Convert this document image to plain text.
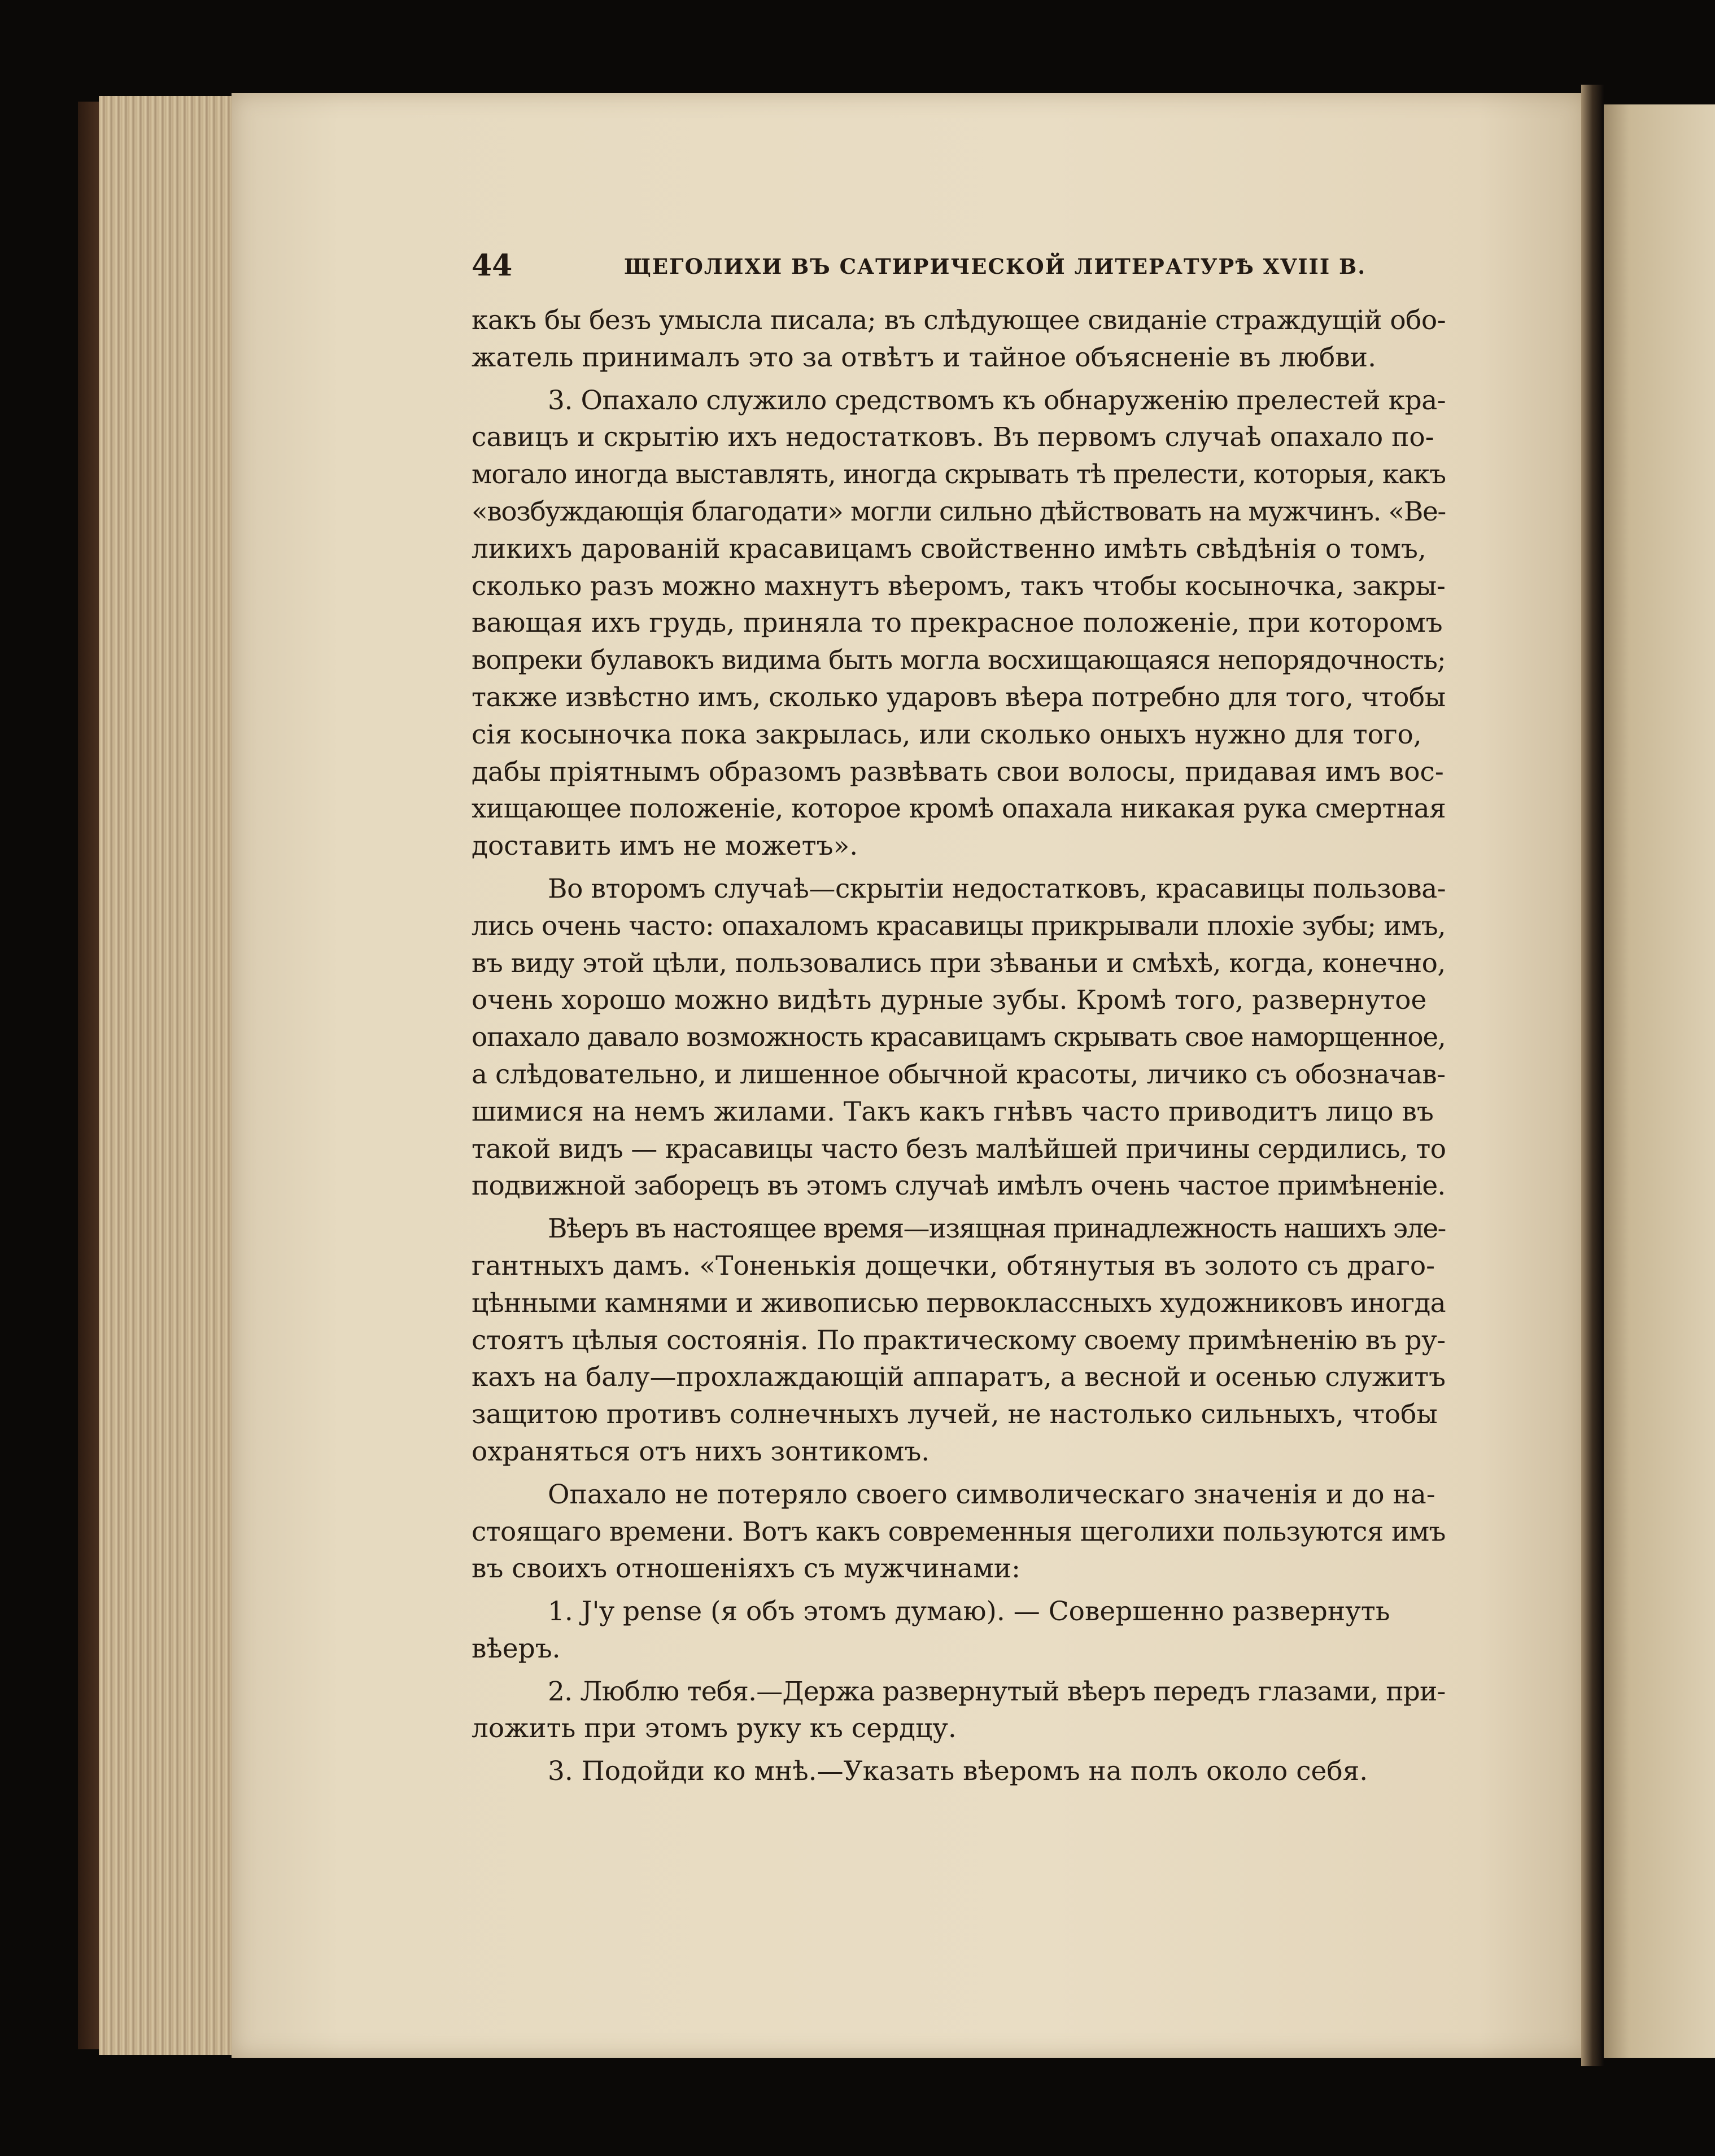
44	ЩЕГОЛИХИ ВЪ САТИРИЧЕСКОЙ ЛИТЕРАТУРѢ XVIII В.
какъ бы безъ умысла писала; въ слѣдующее свиданіе страждущій обо-
жатель принималъ это за отвѣтъ и тайное объясненіе въ любви.
3. Опахало служило средствомъ къ обнаруженію прелестей кра-
савицъ и скрытію ихъ недостатковъ. Въ первомъ случаѣ опахало по-
могало иногда выставлять, иногда скрывать тѣ прелести, которыя, какъ
«возбуждающія благодати» могли сильно дѣйствовать на мужчинъ. «Ве-
ликихъ дарованій красавицамъ свойственно имѣть свѣдѣнія о томъ,
сколько разъ можно махнутъ вѣеромъ, такъ чтобы косыночка, закры-
вающая ихъ грудь, приняла то прекрасное положеніе, при которомъ
вопреки булавокъ видима быть могла восхищающаяся непорядочность;
также извѣстно имъ, сколько ударовъ вѣера потребно для того, чтобы
сія косыночка пока закрылась, или сколько оныхъ нужно для того,
дабы пріятнымъ образомъ развѣвать свои волосы, придавая имъ вос-
хищающее положеніе, которое кромѣ опахала никакая рука смертная
доставить имъ не можетъ».
Во второмъ случаѣ—скрытіи недостатковъ, красавицы пользова-
лись очень часто: опахаломъ красавицы прикрывали плохіе зубы; имъ,
въ виду этой цѣли, пользовались при зѣваньи и смѣхѣ, когда, конечно,
очень хорошо можно видѣть дурные зубы. Кромѣ того, развернутое
опахало давало возможность красавицамъ скрывать свое наморщенное,
а слѣдовательно, и лишенное обычной красоты, личико съ обозначав-
шимися на немъ жилами. Такъ какъ гнѣвъ часто приводитъ лицо въ
такой видъ — красавицы часто безъ малѣйшей причины сердились, то
подвижной заборецъ въ этомъ случаѣ имѣлъ очень частое примѣненіе.
Вѣеръ въ настоящее время—изящная принадлежность нашихъ эле-
гантныхъ дамъ. «Тоненькія дощечки, обтянутыя въ золото съ драго-
цѣнными камнями и живописью первоклассныхъ художниковъ иногда
стоятъ цѣлыя состоянія. По практическому своему примѣненію въ ру-
кахъ на балу—прохлаждающій аппаратъ, а весной и осенью служитъ
защитою противъ солнечныхъ лучей, не настолько сильныхъ, чтобы
охраняться отъ нихъ зонтикомъ.
Опахало не потеряло своего символическаго значенія и до на-
стоящаго времени. Вотъ какъ современныя щеголихи пользуются имъ
въ своихъ отношеніяхъ съ мужчинами:
1. J'y pense (я объ этомъ думаю). — Совершенно развернуть
вѣеръ.
2. Люблю тебя.—Держа развернутый вѣеръ передъ глазами, при-
ложить при этомъ руку къ сердцу.
3. Подойди ко мнѣ.—Указать вѣеромъ на полъ около себя.
